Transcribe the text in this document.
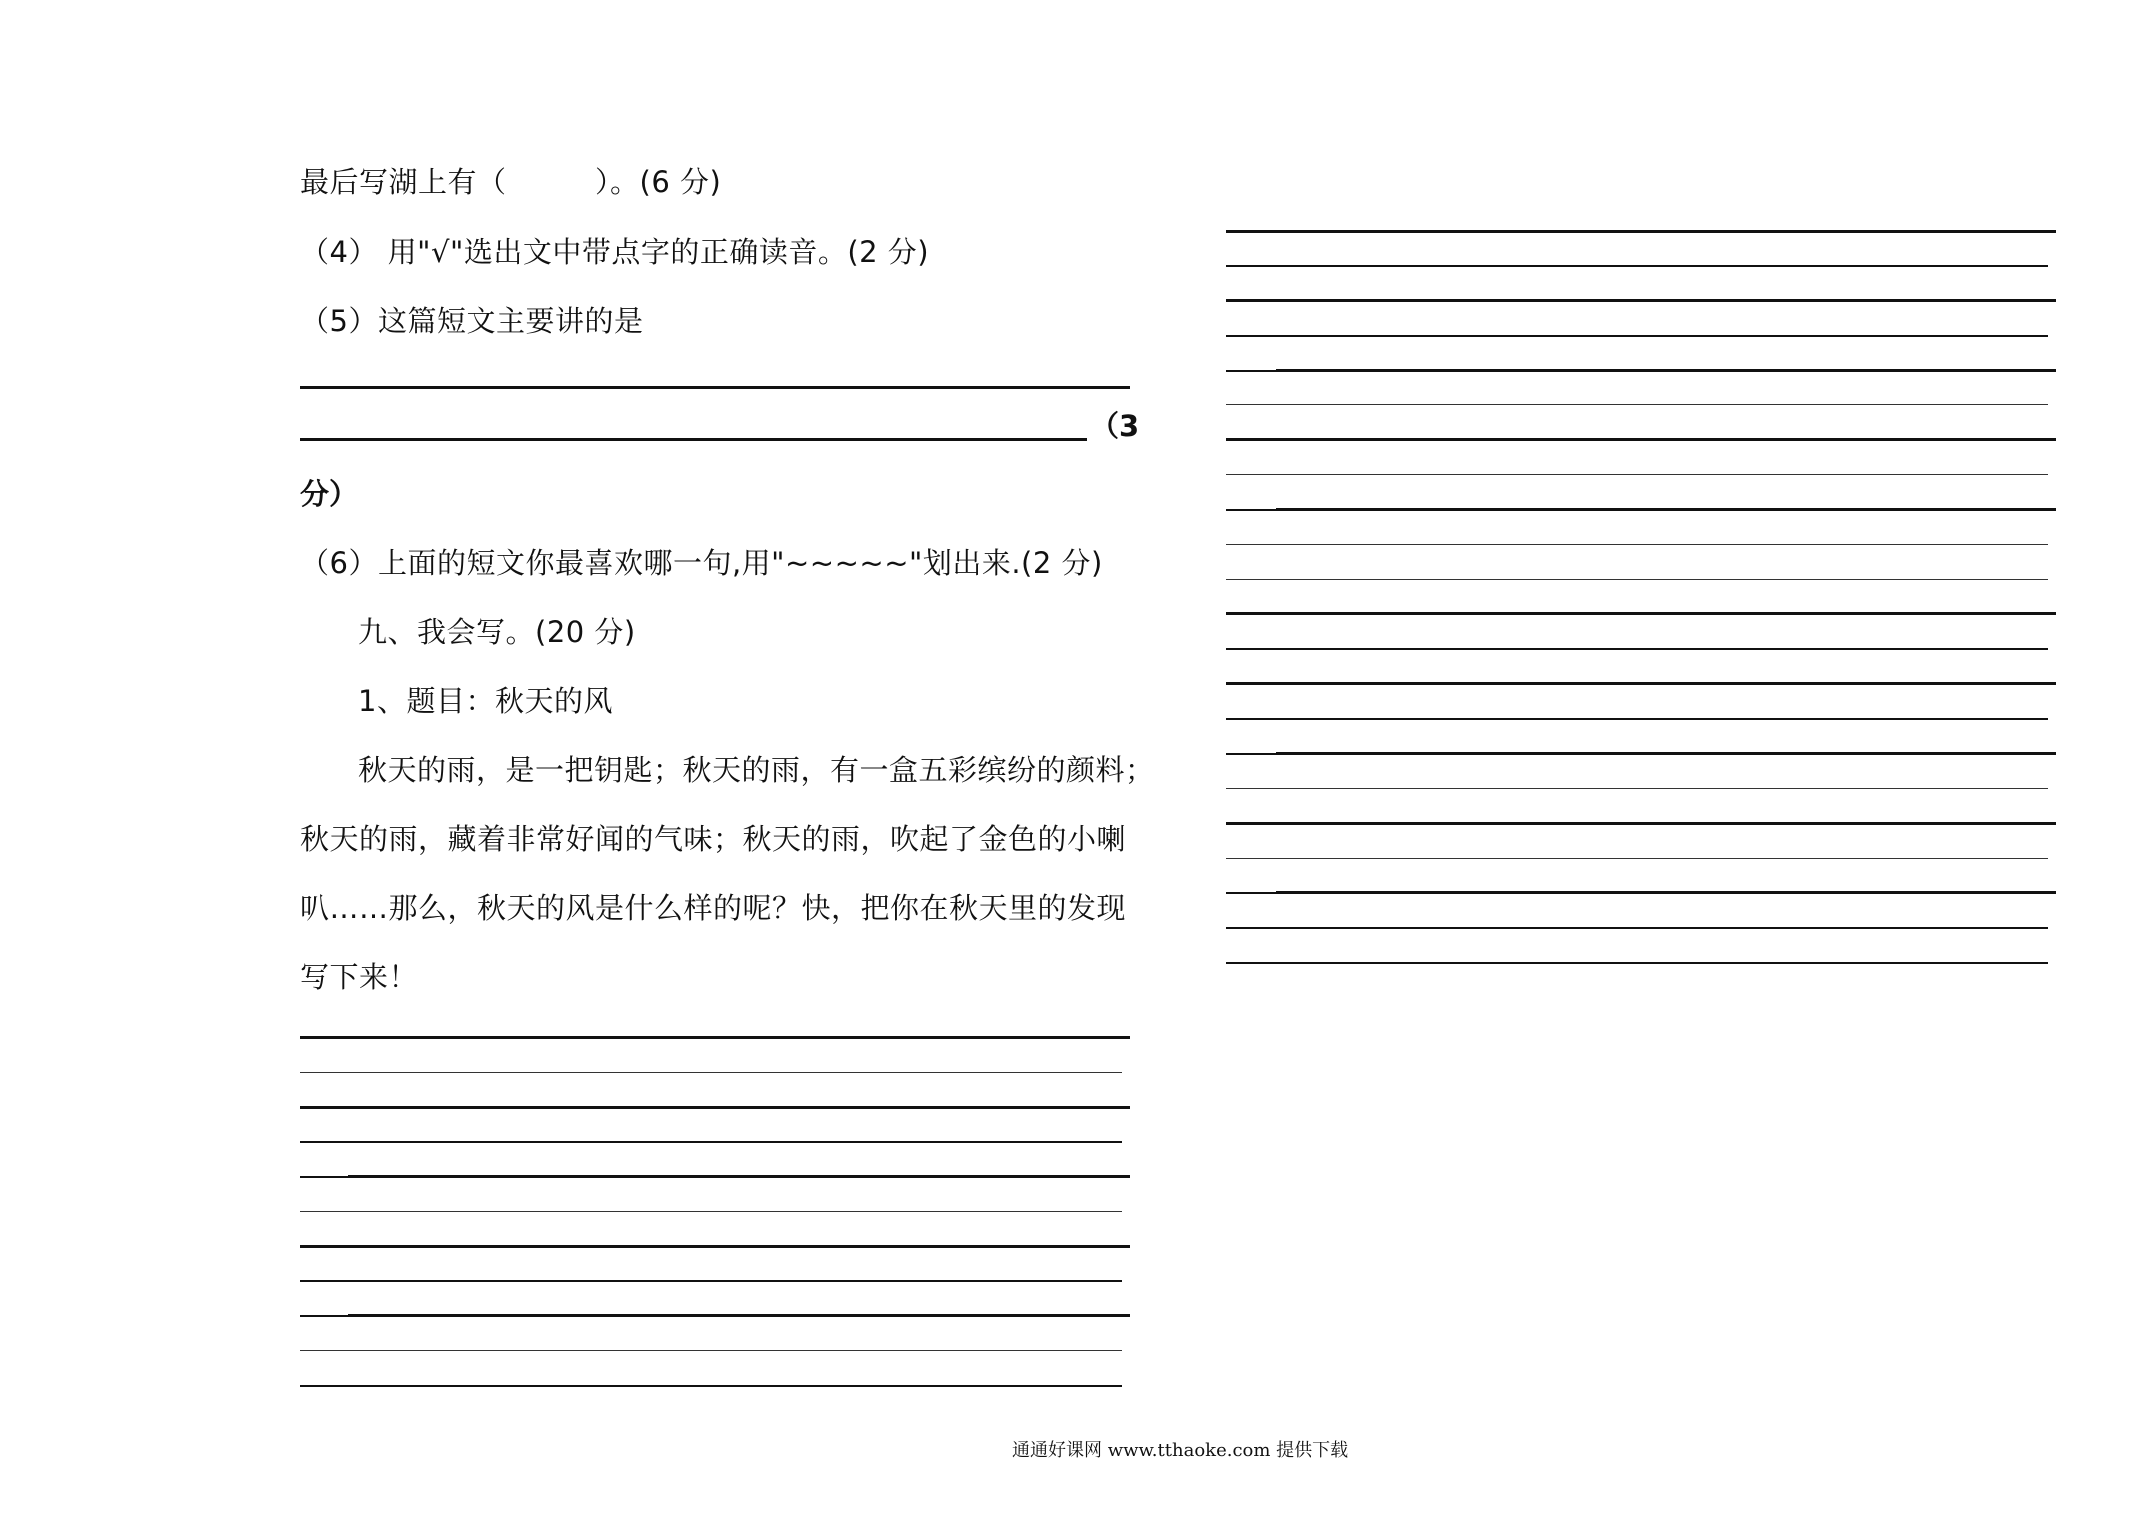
最后写湖上有（　　　）。(6 分)
（4） 用"√"选出文中带点字的正确读音。(2 分)
（5）这篇短文主要讲的是
（3
分）
（6）上面的短文你最喜欢哪一句,用"~~~~~"划出来.(2 分)
九、我会写。(20 分)
1、题目：秋天的风
秋天的雨，是一把钥匙；秋天的雨，有一盒五彩缤纷的颜料；
秋天的雨，藏着非常好闻的气味；秋天的雨，吹起了金色的小喇
叭……那么，秋天的风是什么样的呢？快，把你在秋天里的发现
写下来！
通通好课网 www.tthaoke.com 提供下载
